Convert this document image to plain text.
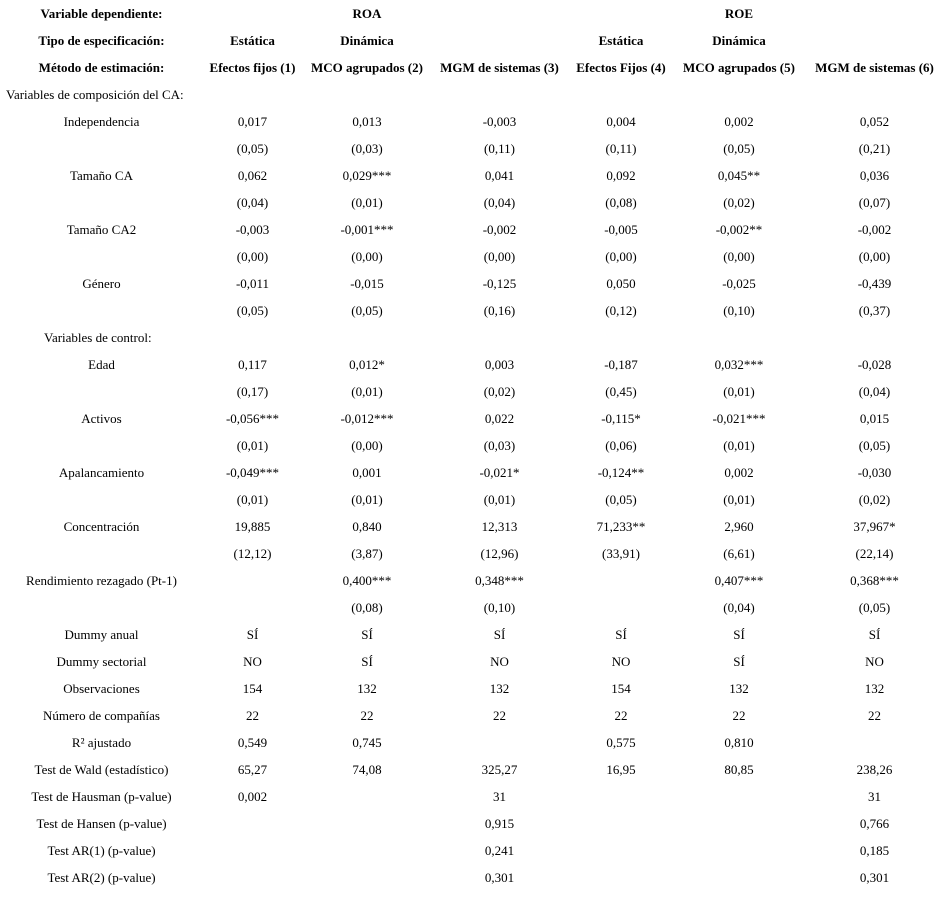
Variable dependiente:		ROA			ROE	
Tipo de especificación:	Estática	Dinámica		Estática	Dinámica	
Método de estimación:	Efectos fijos (1)	MCO agrupados (2)	MGM de sistemas (3)	Efectos Fijos (4)	MCO agrupados (5)	MGM de sistemas (6)
Variables de composición del CA:						
Independencia	0,017	0,013	-0,003	0,004	0,002	0,052
	(0,05)	(0,03)	(0,11)	(0,11)	(0,05)	(0,21)
Tamaño CA	0,062	0,029***	0,041	0,092	0,045**	0,036
	(0,04)	(0,01)	(0,04)	(0,08)	(0,02)	(0,07)
Tamaño CA2	-0,003	-0,001***	-0,002	-0,005	-0,002**	-0,002
	(0,00)	(0,00)	(0,00)	(0,00)	(0,00)	(0,00)
Género	-0,011	-0,015	-0,125	0,050	-0,025	-0,439
	(0,05)	(0,05)	(0,16)	(0,12)	(0,10)	(0,37)
Variables de control:						
Edad	0,117	0,012*	0,003	-0,187	0,032***	-0,028
	(0,17)	(0,01)	(0,02)	(0,45)	(0,01)	(0,04)
Activos	-0,056***	-0,012***	0,022	-0,115*	-0,021***	0,015
	(0,01)	(0,00)	(0,03)	(0,06)	(0,01)	(0,05)
Apalancamiento	-0,049***	0,001	-0,021*	-0,124**	0,002	-0,030
	(0,01)	(0,01)	(0,01)	(0,05)	(0,01)	(0,02)
Concentración	19,885	0,840	12,313	71,233**	2,960	37,967*
	(12,12)	(3,87)	(12,96)	(33,91)	(6,61)	(22,14)
Rendimiento rezagado (Pt-1)		0,400***	0,348***		0,407***	0,368***
		(0,08)	(0,10)		(0,04)	(0,05)
Dummy anual	SÍ	SÍ	SÍ	SÍ	SÍ	SÍ
Dummy sectorial	NO	SÍ	NO	NO	SÍ	NO
Observaciones	154	132	132	154	132	132
Número de compañías	22	22	22	22	22	22
R² ajustado	0,549	0,745		0,575	0,810	
Test de Wald (estadístico)	65,27	74,08	325,27	16,95	80,85	238,26
Test de Hausman (p-value)	0,002		31			31
Test de Hansen (p-value)			0,915			0,766
Test AR(1) (p-value)			0,241			0,185
Test AR(2) (p-value)			0,301			0,301
